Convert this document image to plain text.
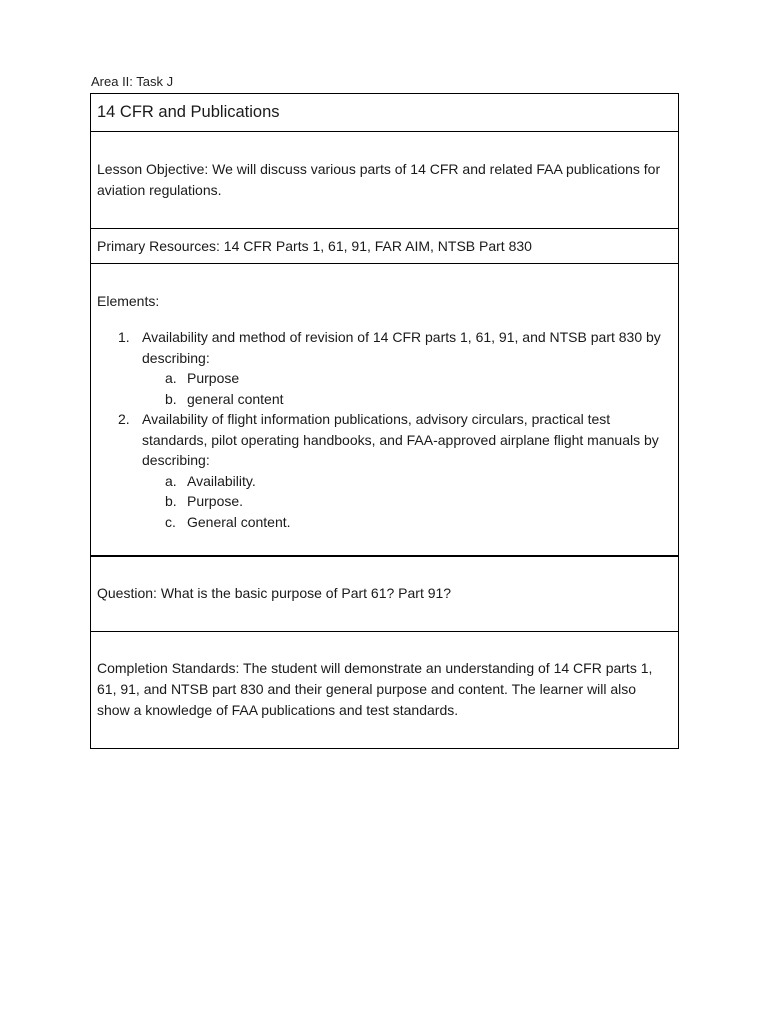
Area II: Task J
14 CFR and Publications
Lesson Objective: We will discuss various parts of 14 CFR and related FAA publications for aviation regulations.
Primary Resources: 14 CFR Parts 1, 61, 91, FAR AIM, NTSB Part 830
Elements:
1. Availability and method of revision of 14 CFR parts 1, 61, 91, and NTSB part 830 by describing:
a. Purpose
b. general content
2. Availability of flight information publications, advisory circulars, practical test standards, pilot operating handbooks, and FAA-approved airplane flight manuals by describing:
a. Availability.
b. Purpose.
c. General content.
Question: What is the basic purpose of Part 61? Part 91?
Completion Standards: The student will demonstrate an understanding of 14 CFR parts 1, 61, 91, and NTSB part 830 and their general purpose and content. The learner will also show a knowledge of FAA publications and test standards.
